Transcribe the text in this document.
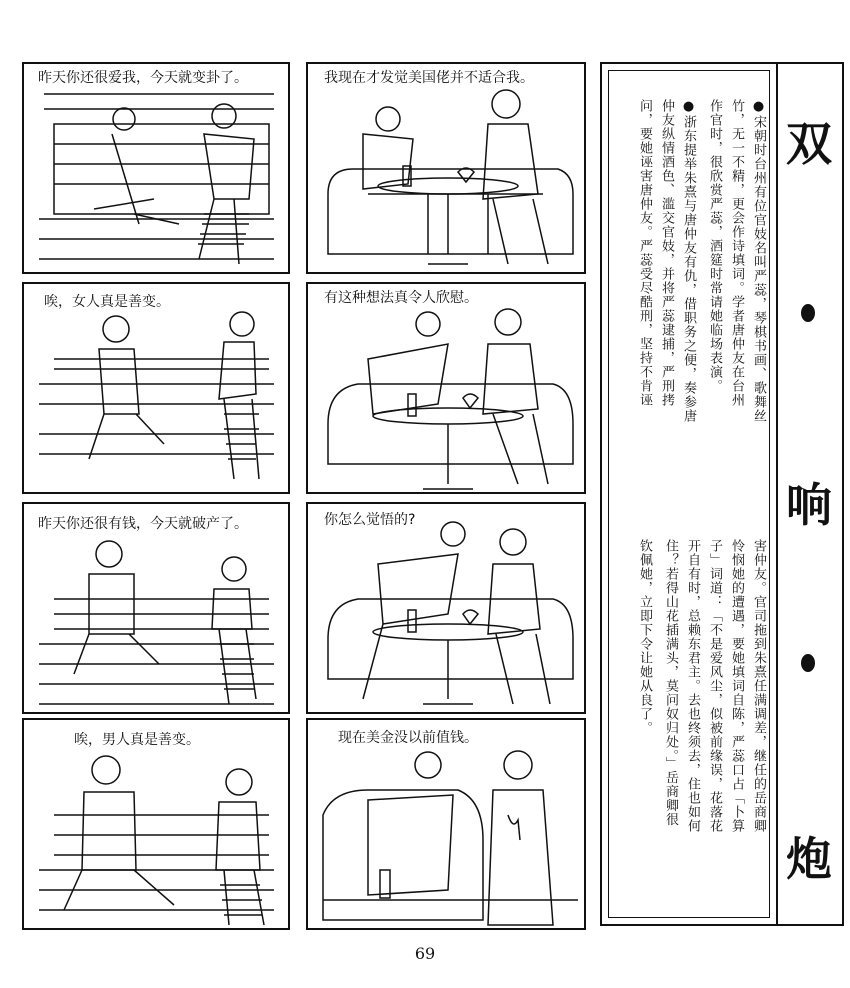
昨天你还很爱我，今天就变卦了。
唉，女人真是善变。
昨天你还很有钱，今天就破产了。
唉，男人真是善变。
我现在才发觉美国佬并不适合我。
有这种想法真令人欣慰。
你怎么觉悟的?
现在美金没以前值钱。
●宋朝时台州有位官妓名叫严蕊，琴棋书画、歌舞丝
竹，无一不精，更会作诗填词。学者唐仲友在台州
作官时，很欣赏严蕊，酒筵时常请她临场表演。
●浙东提举朱熹与唐仲友有仇，借职务之便，奏参唐
仲友纵情酒色、滥交官妓，并将严蕊逮捕，严刑拷
问，要她诬害唐仲友。严蕊受尽酷刑，坚持不肯诬
害仲友。官司拖到朱熹任满调差，继任的岳商卿
怜悯她的遭遇，要她填词自陈，严蕊口占「卜算
子」词道：「不是爱风尘，似被前缘误，花落花
开自有时，总赖东君主。去也终须去，住也如何
住？若得山花插满头，莫问奴归处。」岳商卿很
钦佩她，立即下令让她从良了。
双
响
炮
69
